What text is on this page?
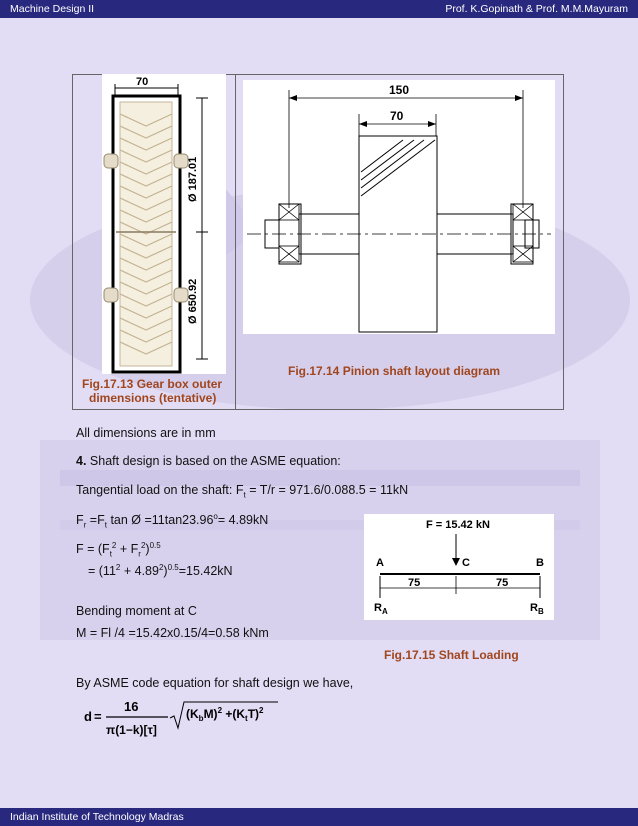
Machine Design II	Prof. K.Gopinath & Prof. M.M.Mayuram
Indian Institute of Technology Madras
70
Ø 187.01
Ø 650.92
Fig.17.13 Gear box outer
dimensions (tentative)
150
70
Fig.17.14 Pinion shaft layout diagram
All dimensions are in mm
4. Shaft design is based on the ASME equation:
Tangential load on the shaft: $F_t = T/r = 971.6/0.088.5 = 11kN$
$F_r =F_t$ tan Ø $=11\tan 23.96^o= 4.89kN$
$F = (F_t^2 + F_r^2)^{0.5}$
= $(11^2 + 4.89^2)^{0.5}=15.42kN$
Bending moment at C
M = Fl /4 =15.42x0.15/4=0.58 kNm
F = 15.42 kN
A	B
C
75	75
$R_A$	$R_B$
Fig.17.15 Shaft Loading
By ASME code equation for shaft design we have,
d =
16
π(1−k)[τ]
$(K_bM)^2 +(K_tT)^2$
